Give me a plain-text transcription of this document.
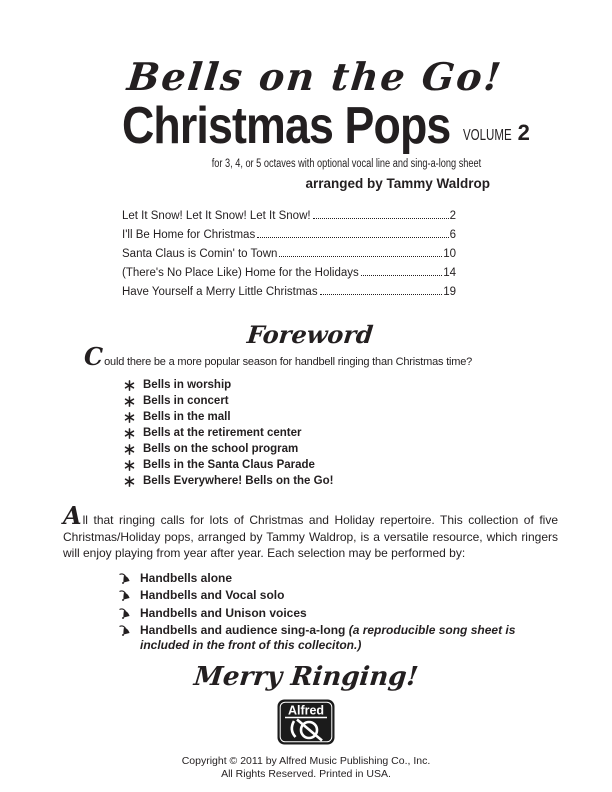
Bells on the Go!
Christmas Pops VOLUME 2
for 3, 4, or 5 octaves with optional vocal line and sing-a-long sheet
arranged by Tammy Waldrop
Let It Snow! Let It Snow! Let It Snow!	2
I'll Be Home for Christmas	6
Santa Claus is Comin' to Town	10
(There's No Place Like) Home for the Holidays	14
Have Yourself a Merry Little Christmas	19
Foreword
Could there be a more popular season for handbell ringing than Christmas time?
Bells in worship
Bells in concert
Bells in the mall
Bells at the retirement center
Bells on the school program
Bells in the Santa Claus Parade
Bells Everywhere! Bells on the Go!
All that ringing calls for lots of Christmas and Holiday repertoire. This collection of five Christmas/Holiday pops, arranged by Tammy Waldrop, is a versatile resource, which ringers will enjoy playing from year after year. Each selection may be performed by:
Handbells alone
Handbells and Vocal solo
Handbells and Unison voices
Handbells and audience sing-a-long (a reproducible song sheet is included in the front of this colleciton.)
Merry Ringing!
Alfred
Copyright © 2011 by Alfred Music Publishing Co., Inc.
All Rights Reserved. Printed in USA.
